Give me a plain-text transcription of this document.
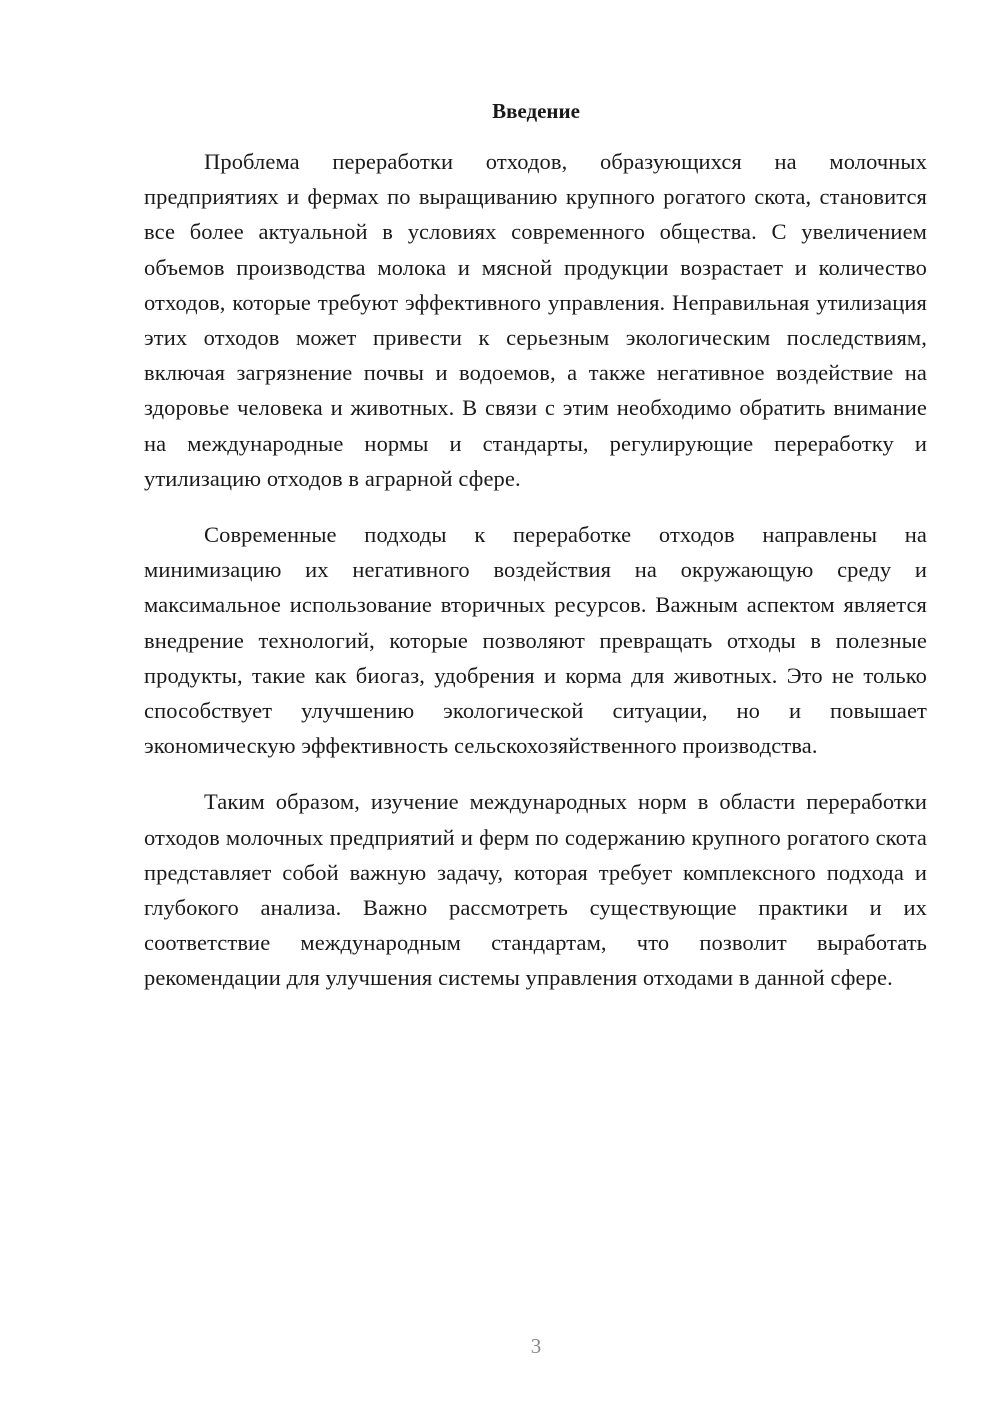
Введение

Проблема переработки отходов, образующихся на молочных предприятиях и фермах по выращиванию крупного рогатого скота, становится все более актуальной в условиях современного общества. С увеличением объемов производства молока и мясной продукции возрастает и количество отходов, которые требуют эффективного управления. Неправильная утилизация этих отходов может привести к серьезным экологическим последствиям, включая загрязнение почвы и водоемов, а также негативное воздействие на здоровье человека и животных. В связи с этим необходимо обратить внимание на международные нормы и стандарты, регулирующие переработку и утилизацию отходов в аграрной сфере.

Современные подходы к переработке отходов направлены на минимизацию их негативного воздействия на окружающую среду и максимальное использование вторичных ресурсов. Важным аспектом является внедрение технологий, которые позволяют превращать отходы в полезные продукты, такие как биогаз, удобрения и корма для животных. Это не только способствует улучшению экологической ситуации, но и повышает экономическую эффективность сельскохозяйственного производства.

Таким образом, изучение международных норм в области переработки отходов молочных предприятий и ферм по содержанию крупного рогатого скота представляет собой важную задачу, которая требует комплексного подхода и глубокого анализа. Важно рассмотреть существующие практики и их соответствие международным стандартам, что позволит выработать рекомендации для улучшения системы управления отходами в данной сфере.

3
